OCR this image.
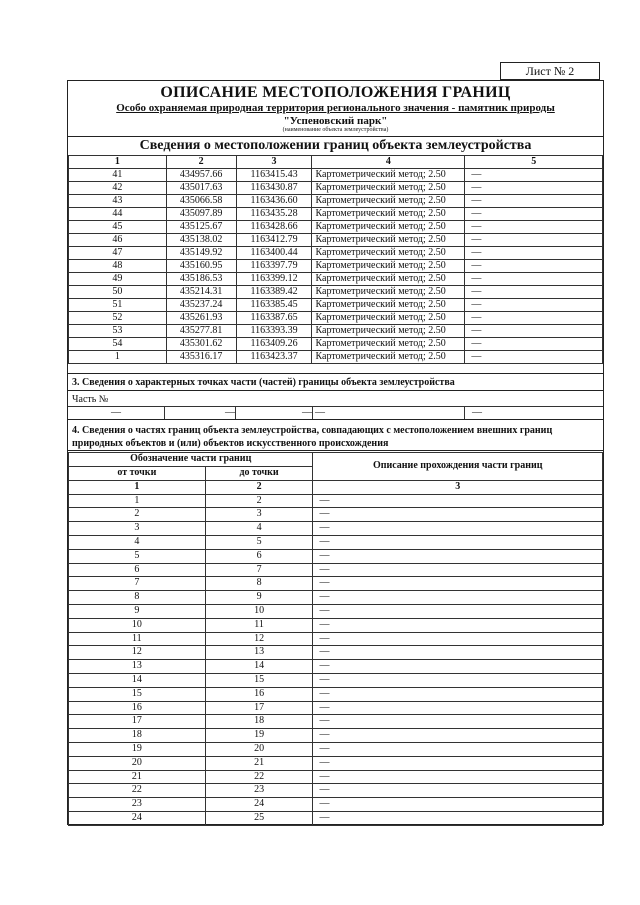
Лист № 2
ОПИСАНИЕ МЕСТОПОЛОЖЕНИЯ ГРАНИЦ
Особо охраняемая природная территория регионального значения - памятник природы
"Успеновский парк"
(наименование объекта землеустройства)
Сведения о местоположении границ объекта землеустройства
1	2	3	4	5
41	434957.66	1163415.43	Картометрический метод; 2.50	—
42	435017.63	1163430.87	Картометрический метод; 2.50	—
43	435066.58	1163436.60	Картометрический метод; 2.50	—
44	435097.89	1163435.28	Картометрический метод; 2.50	—
45	435125.67	1163428.66	Картометрический метод; 2.50	—
46	435138.02	1163412.79	Картометрический метод; 2.50	—
47	435149.92	1163400.44	Картометрический метод; 2.50	—
48	435160.95	1163397.79	Картометрический метод; 2.50	—
49	435186.53	1163399.12	Картометрический метод; 2.50	—
50	435214.31	1163389.42	Картометрический метод; 2.50	—
51	435237.24	1163385.45	Картометрический метод; 2.50	—
52	435261.93	1163387.65	Картометрический метод; 2.50	—
53	435277.81	1163393.39	Картометрический метод; 2.50	—
54	435301.62	1163409.26	Картометрический метод; 2.50	—
1	435316.17	1163423.37	Картометрический метод; 2.50	—
3. Сведения о характерных точках части (частей) границы объекта землеустройства
Часть №
—	—	— —	—
4. Сведения о частях границ объекта землеустройства, совпадающих с местоположением внешних границ природных объектов и (или) объектов искусственного происхождения
Обозначение части границ		Описание прохождения части границ
от точки	до точки	
1	2	3
1	2	—
2	3	—
3	4	—
4	5	—
5	6	—
6	7	—
7	8	—
8	9	—
9	10	—
10	11	—
11	12	—
12	13	—
13	14	—
14	15	—
15	16	—
16	17	—
17	18	—
18	19	—
19	20	—
20	21	—
21	22	—
22	23	—
23	24	—
24	25	—
